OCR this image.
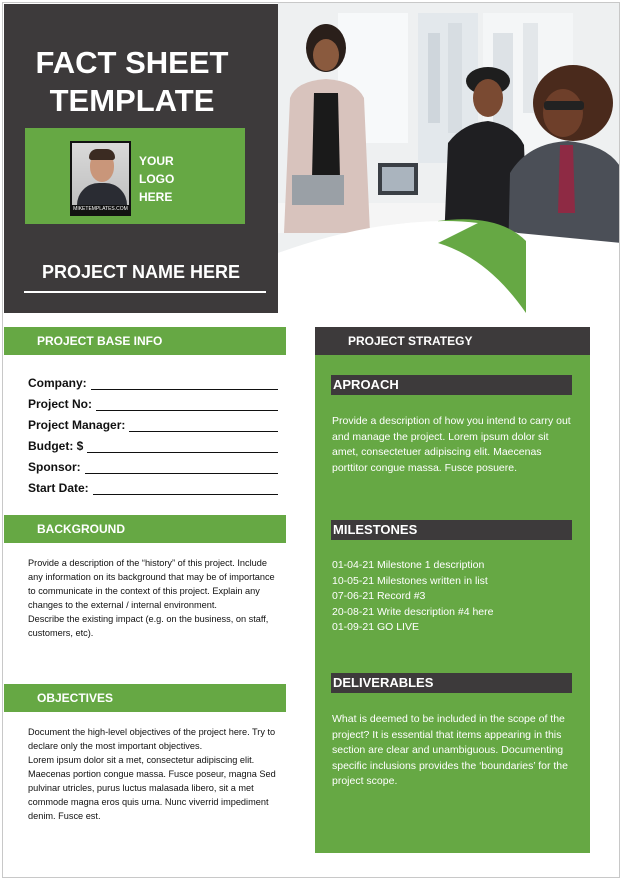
FACT SHEET
TEMPLATE
MIKETEMPLATES.COM
YOUR
LOGO
HERE
PROJECT NAME HERE
PROJECT BASE INFO
Company:
Project No:
Project Manager:
Budget: $
Sponsor:
Start Date:
BACKGROUND
Provide a description of the “history” of this project. Include any information on its background that may be of importance to communicate in the context of this project. Explain any changes to the external / internal environment.
Describe the existing impact (e.g. on the business, on staff, customers, etc).
OBJECTIVES
Document the high-level objectives of the project here. Try to declare only the most important objectives.
Lorem ipsum dolor sit a met, consectetur adipiscing elit. Maecenas portion congue massa. Fusce poseur, magna Sed pulvinar utricles, purus luctus malasada libero, sit a met commode magna eros quis urna. Nunc viverrid impediment denim. Fusce est.
PROJECT STRATEGY
APROACH
Provide a description of how you intend to carry out and manage the project. Lorem ipsum dolor sit amet, consectetuer adipiscing elit. Maecenas porttitor congue massa. Fusce posuere.
MILESTONES
01-04-21 Milestone 1 description
10-05-21 Milestones written in list
07-06-21 Record #3
20-08-21 Write description #4 here
01-09-21 GO LIVE
DELIVERABLES
What is deemed to be included in the scope of the project? It is essential that items appearing in this section are clear and unambiguous. Documenting specific inclusions provides the ‘boundaries’ for the project scope.
